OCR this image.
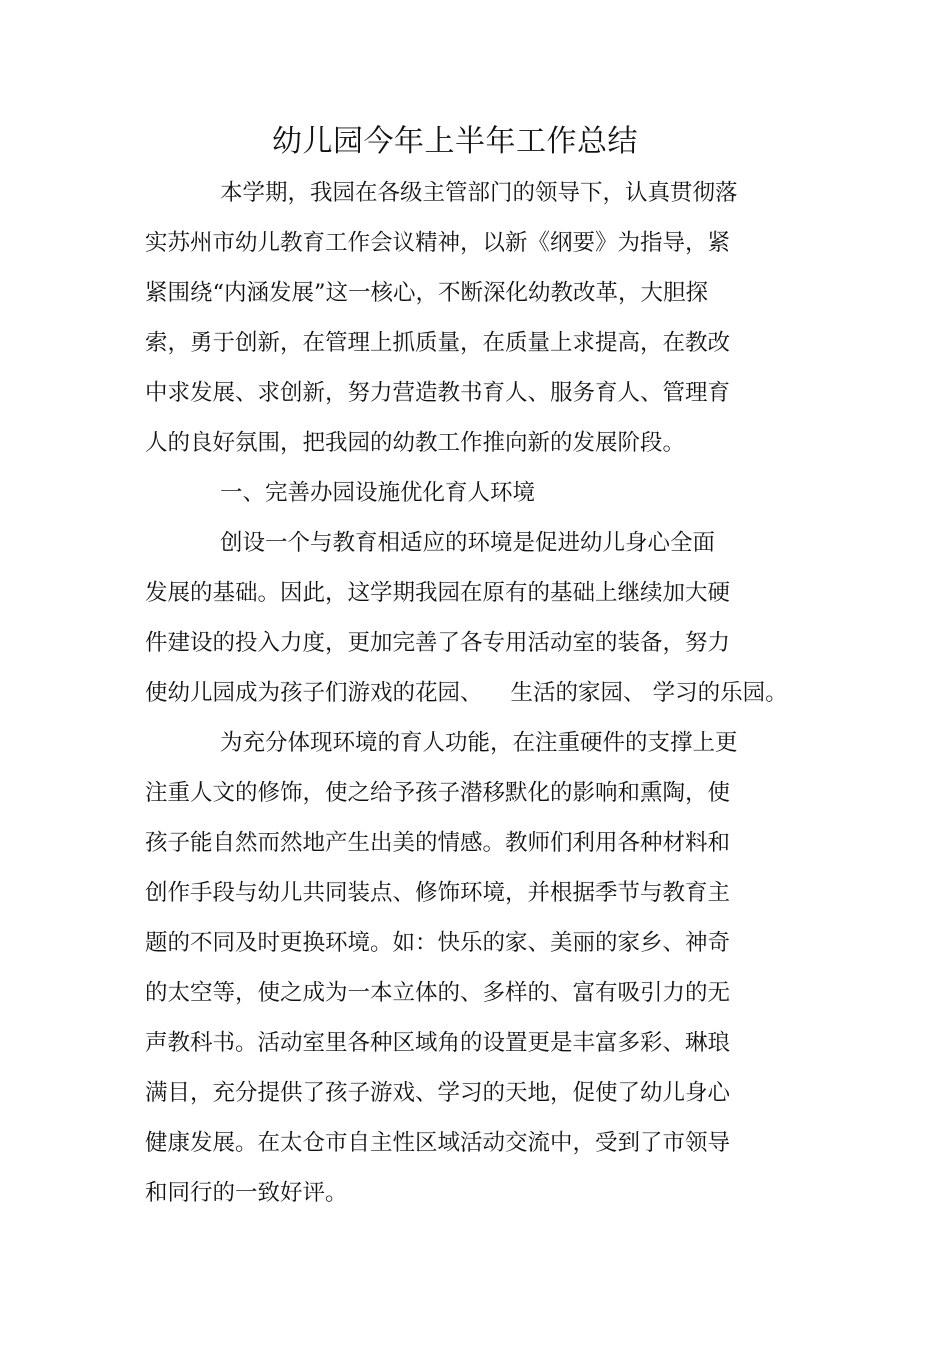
幼儿园今年上半年工作总结
本学期，我园在各级主管部门的领导下，认真贯彻落
实苏州市幼儿教育工作会议精神，以新《纲要》为指导，紧
紧围绕“内涵发展”这一核心，不断深化幼教改革，大胆探
索，勇于创新，在管理上抓质量，在质量上求提高，在教改
中求发展、求创新，努力营造教书育人、服务育人、管理育
人的良好氛围，把我园的幼教工作推向新的发展阶段。
一、完善办园设施优化育人环境
创设一个与教育相适应的环境是促进幼儿身心全面
发展的基础。因此，这学期我园在原有的基础上继续加大硬
件建设的投入力度，更加完善了各专用活动室的装备，努力
使幼儿园成为孩子们游戏的花园、 生活的家园、 学习的乐园。
为充分体现环境的育人功能，在注重硬件的支撑上更
注重人文的修饰，使之给予孩子潜移默化的影响和熏陶，使
孩子能自然而然地产生出美的情感。教师们利用各种材料和
创作手段与幼儿共同装点、修饰环境，并根据季节与教育主
题的不同及时更换环境。如：快乐的家、美丽的家乡、神奇
的太空等，使之成为一本立体的、多样的、富有吸引力的无
声教科书。活动室里各种区域角的设置更是丰富多彩、琳琅
满目，充分提供了孩子游戏、学习的天地，促使了幼儿身心
健康发展。在太仓市自主性区域活动交流中，受到了市领导
和同行的一致好评。
